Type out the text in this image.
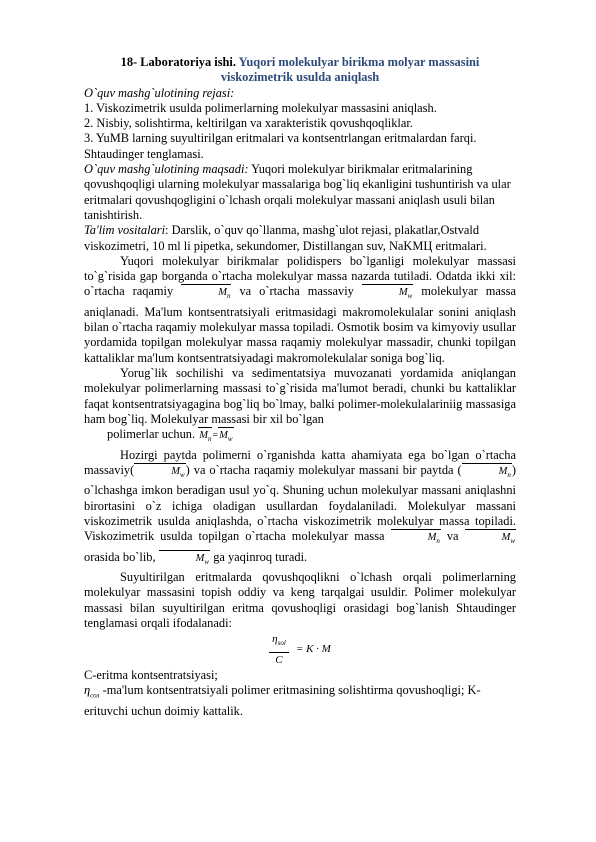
18- Laboratoriya ishi. Yuqori molekulyar birikma molyar massasini viskozimetrik usulda aniqlash
O`quv mashg`ulotining rejasi:
1. Viskozimetrik usulda polimerlarning molekulyar massasini aniqlash.
2. Nisbiy, solishtirma, keltirilgan va xarakteristik qovushqoqliklar.
3. YuMB larning suyultirilgan eritmalari va kontsentrlangan eritmalardan farqi. Shtaudinger tenglamasi.
O`quv mashg`ulotining maqsadi: Yuqori molekulyar birikmalar eritmalarining qovushqoqligi ularning molekulyar massalariga bog`liq ekanligini tushuntirish va ular eritmalari qovushqogligini o`lchash orqali molekulyar massani aniqlash usuli bilan tanishtirish.
Ta'lim vositalari: Darslik, o`quv qo`llanma, mashg`ulot rejasi, plakatlar,Ostvald viskozimetri, 10 ml li pipetka, sekundomer, Distillangan suv, NaKMЦ eritmalari.
Yuqori molekulyar birikmalar polidispers bo`lganligi molekulyar massasi to`g`risida gap borganda o`rtacha molekulyar massa nazarda tutiladi. Odatda ikki xil: o`rtacha raqamiy	$M_n$ va o`rtacha massaviy	$M_w$ molekulyar massa aniqlanadi. Ma'lum kontsentratsiyali eritmasidagi makromolekulalar sonini aniqlash bilan o`rtacha raqamiy molekulyar massa topiladi. Osmotik bosim va kimyoviy usullar yordamida topilgan molekulyar massa raqamiy molekulyar massadir, chunki topilgan kattaliklar ma'lum kontsentratsiyadagi makromolekulalar soniga bog`liq.
Yorug`lik sochilishi va sedimentatsiya muvozanati yordamida aniqlangan molekulyar polimerlarning massasi to`g`risida ma'lumot beradi, chunki bu kattaliklar faqat kontsentratsiyagagina bog`liq bo`lmay, balki polimer-molekulalariniig massasiga ham bog`liq. Molekulyar massasi bir xil bo`lgan
polimerlar uchun. $M_n=M_w$
Hozirgi paytda polimerni o`rganishda katta ahamiyata ega bo`lgan o`rtacha massaviy(	$M_w$) va o`rtacha raqamiy molekulyar massani bir paytda (	$M_n$) o`lchashga imkon beradigan usul yo`q. Shuning uchun molekulyar massani aniqlashni birortasini o`z ichiga oladigan usullardan foydalaniladi. Molekulyar massani viskozimetrik usulda aniqlashda, o`rtacha viskozimetrik molekulyar massa topiladi. Viskozimetrik usulda topilgan o`rtacha molekulyar massa	$M_n$ va	$M_w$ orasida bo`lib,	$M_w$ ga yaqinroq turadi.
Suyultirilgan eritmalarda qovushqoqlikni o`lchash orqali polimerlarning molekulyar massasini topish oddiy va keng tarqalgai usuldir. Polimer molekulyar massasi bilan suyultirilgan eritma qovushoqligi orasidagi bog`lanish Shtaudinger tenglamasi orqali ifodalanadi:
$\frac{\eta_{sol}}{C} = K \cdot M$
C-eritma kontsentratsiyasi;
$\eta_{сол}$ -ma'lum kontsentratsiyali polimer eritmasining solishtirma qovushoqligi; K-erituvchi uchun doimiy kattalik.
